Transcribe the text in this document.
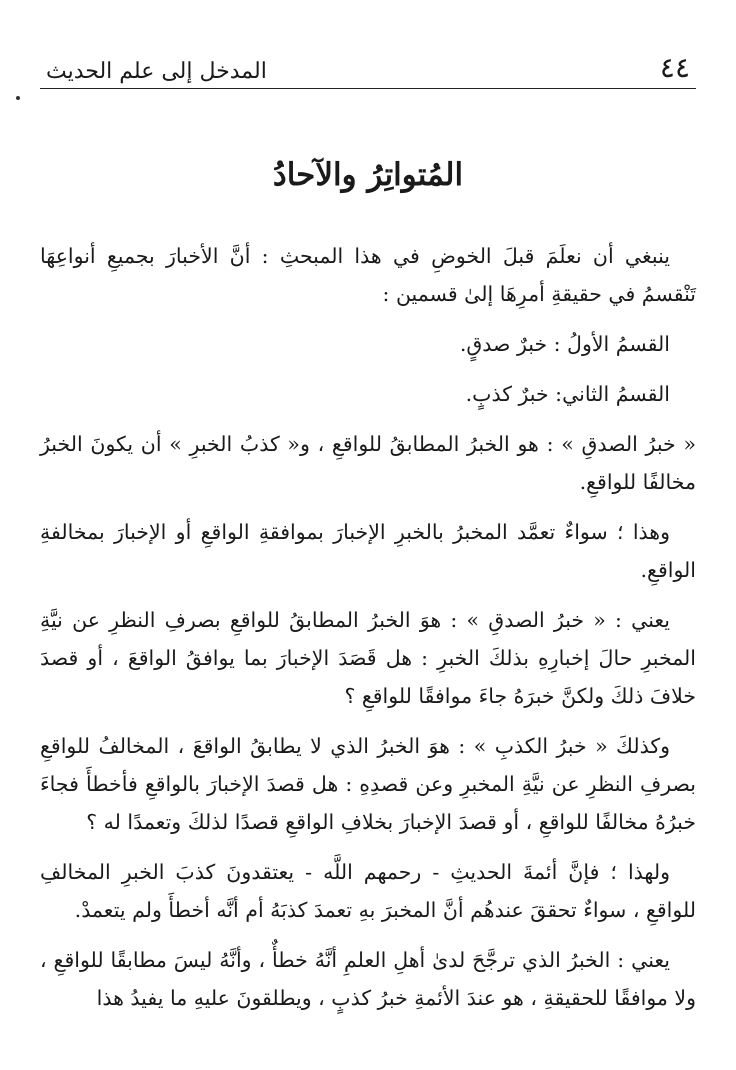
٤٤
المدخل إلى علم الحديث
المُتواتِرُ والآحادُ

ينبغي أن نعلَمَ قبلَ الخوضِ في هذا المبحثِ : أنَّ الأخبارَ بجميعِ أنواعِهَا تَنْقسمُ في حقيقةِ أمرِهَا إلىٰ قسمين :

القسمُ الأولُ : خبرٌ صدقٍ.

القسمُ الثاني: خبرٌ كذبٍ.

« خبرُ الصدقِ » : هو الخبرُ المطابقُ للواقعِ ، و« كذبُ الخبرِ » أن يكونَ الخبرُ مخالفًا للواقعِ.

وهذا ؛ سواءٌ تعمَّد المخبرُ بالخبرِ الإخبارَ بموافقةِ الواقعِ أو الإخبارَ بمخالفةِ الواقعِ.

يعني : « خبرُ الصدقِ » : هوَ الخبرُ المطابقُ للواقعِ بصرفِ النظرِ عن نيَّةِ المخبرِ حالَ إخبارِهِ بذلكَ الخبرِ : هل قَصَدَ الإخبارَ بما يوافقُ الواقعَ ، أو قصدَ خلافَ ذلكَ ولكنَّ خبرَهُ جاءَ موافقًا للواقعِ ؟

وكذلكَ « خبرُ الكذبِ » : هوَ الخبرُ الذي لا يطابقُ الواقعَ ، المخالفُ للواقعِ بصرفِ النظرِ عن نيَّةِ المخبرِ وعن قصدِهِ : هل قصدَ الإخبارَ بالواقعِ فأخطأَ فجاءَ خبرُهُ مخالفًا للواقعِ ، أو قصدَ الإخبارَ بخلافِ الواقعِ قصدًا لذلكَ وتعمدًا له ؟

ولهذا ؛ فإنَّ أئمةَ الحديثِ - رحمهم اللَّه - يعتقدونَ كذبَ الخبرِ المخالفِ للواقعِ ، سواءٌ تحققَ عندهُم أنَّ المخبرَ بهِ تعمدَ كذبَهُ أم أنَّه أخطأَ ولم يتعمدْ.

يعني : الخبرُ الذي ترجَّحَ لدىٰ أهلِ العلمِ أنَّهُ خطأٌ ، وأنَّهُ ليسَ مطابقًا للواقعِ ، ولا موافقًا للحقيقةِ ، هو عندَ الأئمةِ خبرُ كذبٍ ، ويطلقونَ عليهِ ما يفيدُ هذا
